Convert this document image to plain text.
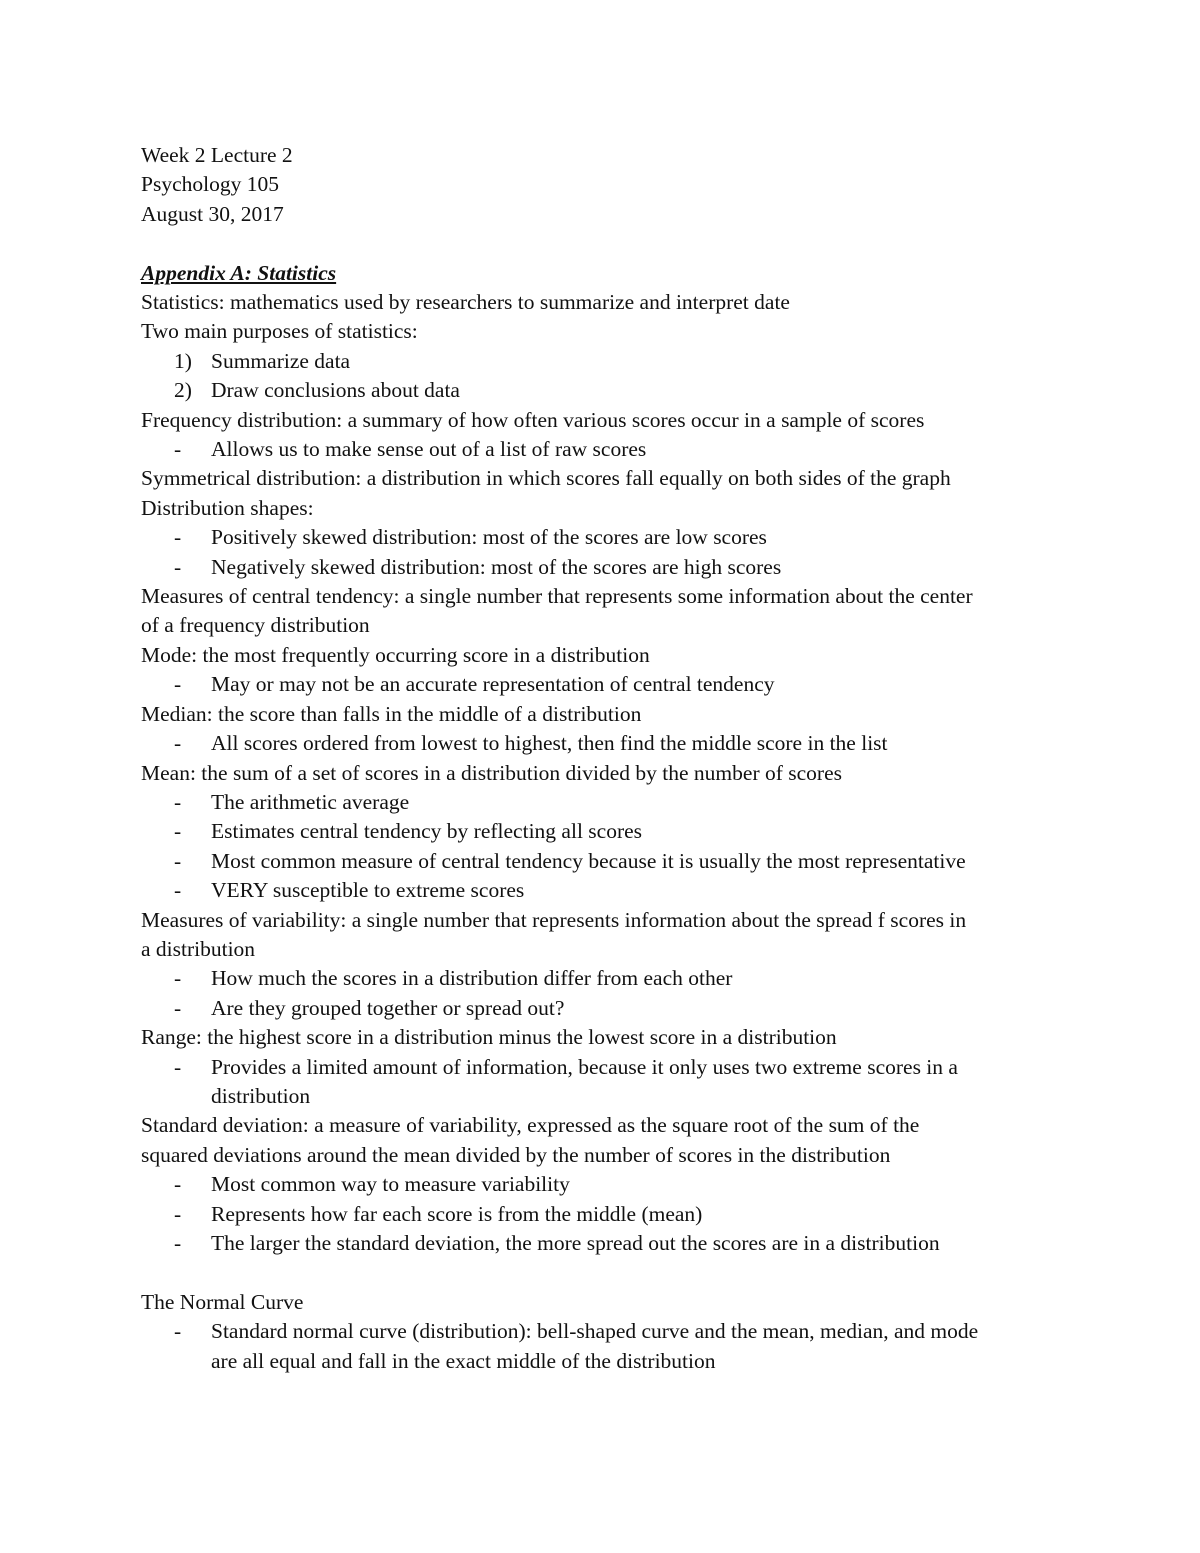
Week 2 Lecture 2
Psychology 105
August 30, 2017
Appendix A: Statistics
Statistics: mathematics used by researchers to summarize and interpret date
Two main purposes of statistics:
1) Summarize data
2) Draw conclusions about data
Frequency distribution: a summary of how often various scores occur in a sample of scores
- Allows us to make sense out of a list of raw scores
Symmetrical distribution: a distribution in which scores fall equally on both sides of the graph
Distribution shapes:
- Positively skewed distribution: most of the scores are low scores
- Negatively skewed distribution: most of the scores are high scores
Measures of central tendency: a single number that represents some information about the center
of a frequency distribution
Mode: the most frequently occurring score in a distribution
- May or may not be an accurate representation of central tendency
Median: the score than falls in the middle of a distribution
- All scores ordered from lowest to highest, then find the middle score in the list
Mean: the sum of a set of scores in a distribution divided by the number of scores
- The arithmetic average
- Estimates central tendency by reflecting all scores
- Most common measure of central tendency because it is usually the most representative
- VERY susceptible to extreme scores
Measures of variability: a single number that represents information about the spread f scores in
a distribution
- How much the scores in a distribution differ from each other
- Are they grouped together or spread out?
Range: the highest score in a distribution minus the lowest score in a distribution
- Provides a limited amount of information, because it only uses two extreme scores in a
distribution
Standard deviation: a measure of variability, expressed as the square root of the sum of the
squared deviations around the mean divided by the number of scores in the distribution
- Most common way to measure variability
- Represents how far each score is from the middle (mean)
- The larger the standard deviation, the more spread out the scores are in a distribution
The Normal Curve
- Standard normal curve (distribution): bell-shaped curve and the mean, median, and mode
are all equal and fall in the exact middle of the distribution
